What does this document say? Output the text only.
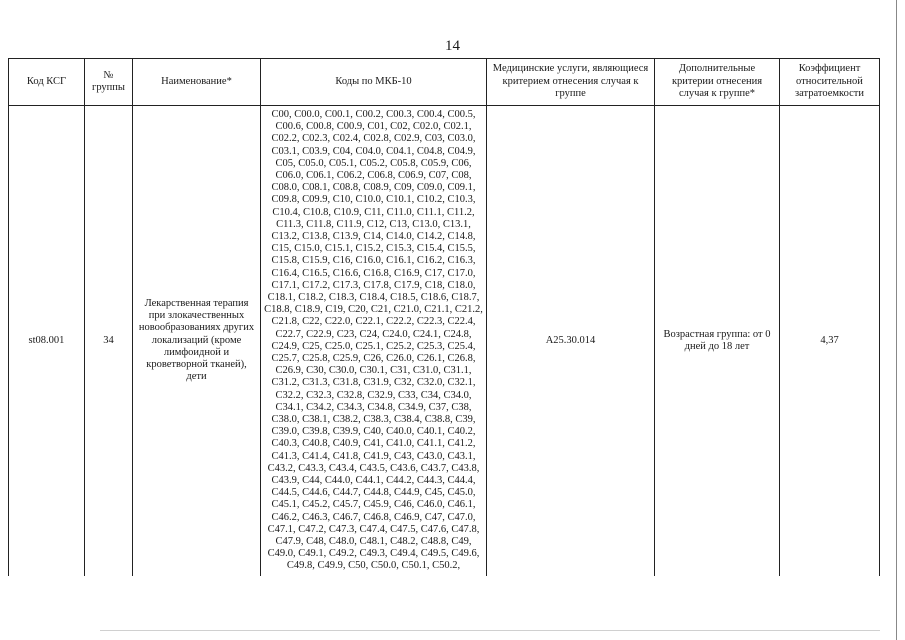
14
Код КСГ	№ группы	Наименование*	Коды по МКБ-10	Медицинские услуги, являющиеся критерием отнесения случая к группе	Дополнительные критерии отнесения случая к группе*	Коэффициент относительной затратоемкости
st08.001	34	Лекарственная терапия при злокачественных новообразованиях других локализаций (кроме лимфоидной и кроветворной тканей), дети	C00, C00.0, C00.1, C00.2, C00.3, C00.4, C00.5, C00.6, C00.8, C00.9, C01, C02, C02.0, C02.1, C02.2, C02.3, C02.4, C02.8, C02.9, C03, C03.0, C03.1, C03.9, C04, C04.0, C04.1, C04.8, C04.9, C05, C05.0, C05.1, C05.2, C05.8, C05.9, C06, C06.0, C06.1, C06.2, C06.8, C06.9, C07, C08, C08.0, C08.1, C08.8, C08.9, C09, C09.0, C09.1, C09.8, C09.9, C10, C10.0, C10.1, C10.2, C10.3, C10.4, C10.8, C10.9, C11, C11.0, C11.1, C11.2, C11.3, C11.8, C11.9, C12, C13, C13.0, C13.1, C13.2, C13.8, C13.9, C14, C14.0, C14.2, C14.8, C15, C15.0, C15.1, C15.2, C15.3, C15.4, C15.5, C15.8, C15.9, C16, C16.0, C16.1, C16.2, C16.3, C16.4, C16.5, C16.6, C16.8, C16.9, C17, C17.0, C17.1, C17.2, C17.3, C17.8, C17.9, C18, C18.0, C18.1, C18.2, C18.3, C18.4, C18.5, C18.6, C18.7, C18.8, C18.9, C19, C20, C21, C21.0, C21.1, C21.2, C21.8, C22, C22.0, C22.1, C22.2, C22.3, C22.4, C22.7, C22.9, C23, C24, C24.0, C24.1, C24.8, C24.9, C25, C25.0, C25.1, C25.2, C25.3, C25.4, C25.7, C25.8, C25.9, C26, C26.0, C26.1, C26.8, C26.9, C30, C30.0, C30.1, C31, C31.0, C31.1, C31.2, C31.3, C31.8, C31.9, C32, C32.0, C32.1, C32.2, C32.3, C32.8, C32.9, C33, C34, C34.0, C34.1, C34.2, C34.3, C34.8, C34.9, C37, C38, C38.0, C38.1, C38.2, C38.3, C38.4, C38.8, C39, C39.0, C39.8, C39.9, C40, C40.0, C40.1, C40.2, C40.3, C40.8, C40.9, C41, C41.0, C41.1, C41.2, C41.3, C41.4, C41.8, C41.9, C43, C43.0, C43.1, C43.2, C43.3, C43.4, C43.5, C43.6, C43.7, C43.8, C43.9, C44, C44.0, C44.1, C44.2, C44.3, C44.4, C44.5, C44.6, C44.7, C44.8, C44.9, C45, C45.0, C45.1, C45.2, C45.7, C45.9, C46, C46.0, C46.1, C46.2, C46.3, C46.7, C46.8, C46.9, C47, C47.0, C47.1, C47.2, C47.3, C47.4, C47.5, C47.6, C47.8, C47.9, C48, C48.0, C48.1, C48.2, C48.8, C49, C49.0, C49.1, C49.2, C49.3, C49.4, C49.5, C49.6, C49.8, C49.9, C50, C50.0, C50.1, C50.2,	A25.30.014	Возрастная группа: от 0 дней до 18 лет	4,37
